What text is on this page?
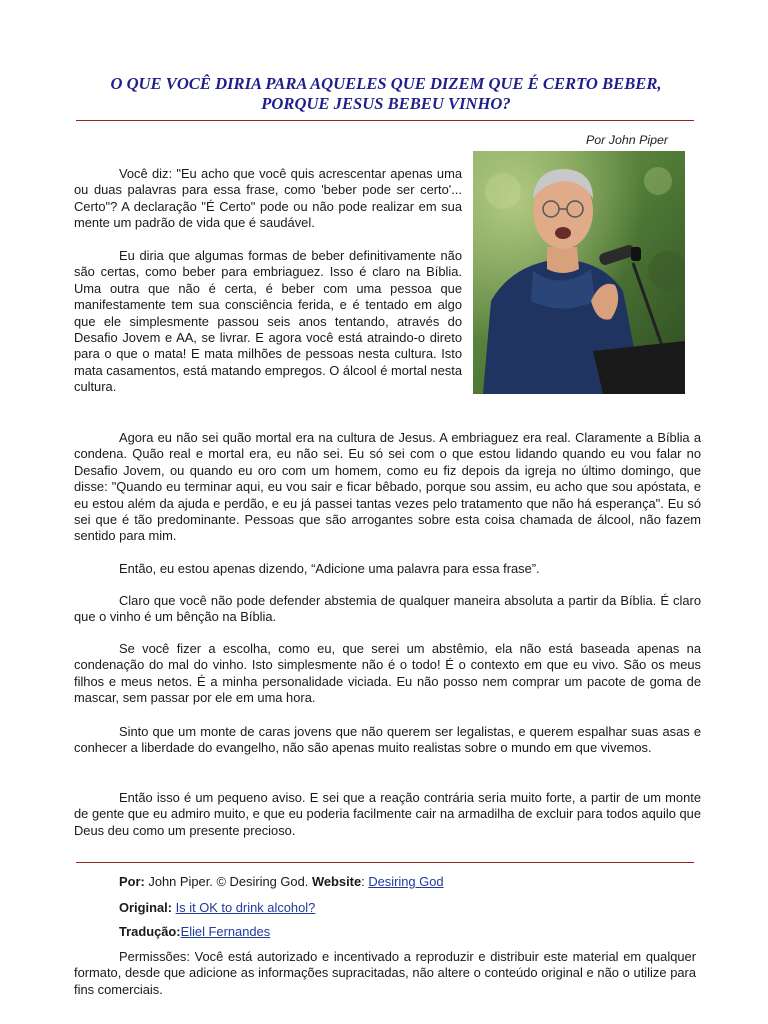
O QUE VOCÊ DIRIA PARA AQUELES QUE DIZEM QUE É CERTO BEBER,
PORQUE JESUS BEBEU VINHO?
Por John Piper

Você diz: "Eu acho que você quis acrescentar apenas uma ou duas palavras para essa frase, como 'beber pode ser certo'... Certo"? A declaração "É Certo" pode ou não pode realizar em sua mente um padrão de vida que é saudável.

Eu diria que algumas formas de beber definitivamente não são certas, como beber para embriaguez. Isso é claro na Bíblia. Uma outra que não é certa, é beber com uma pessoa que manifestamente tem sua consciência ferida, e é tentado em algo que ele simplesmente passou seis anos tentando, através do Desafio Jovem e AA, se livrar. E agora você está atraindo-o direto para o que o mata! E mata milhões de pessoas nesta cultura. Isto mata casamentos, está matando empregos. O álcool é mortal nesta cultura.

Agora eu não sei quão mortal era na cultura de Jesus. A embriaguez era real. Claramente a Bíblia a condena. Quão real e mortal era, eu não sei. Eu só sei com o que estou lidando quando eu vou falar no Desafio Jovem, ou quando eu oro com um homem, como eu fiz depois da igreja no último domingo, que disse: "Quando eu terminar aqui, eu vou sair e ficar bêbado, porque sou assim, eu acho que sou apóstata, e eu estou além da ajuda e perdão, e eu já passei tantas vezes pelo tratamento que não há esperança". Eu só sei que é tão predominante. Pessoas que são arrogantes sobre esta coisa chamada de álcool, não fazem sentido para mim.

Então, eu estou apenas dizendo, “Adicione uma palavra para essa frase”.

Claro que você não pode defender abstemia de qualquer maneira absoluta a partir da Bíblia. É claro que o vinho é um bênção na Bíblia.

Se você fizer a escolha, como eu, que serei um abstêmio, ela não está baseada apenas na condenação do mal do vinho. Isto simplesmente não é o todo! É o contexto em que eu vivo. São os meus filhos e meus netos. É a minha personalidade viciada. Eu não posso nem comprar um pacote de goma de mascar, sem passar por ele em uma hora.

Sinto que um monte de caras jovens que não querem ser legalistas, e querem espalhar suas asas e conhecer a liberdade do evangelho, não são apenas muito realistas sobre o mundo em que vivemos.

Então isso é um pequeno aviso. E sei que a reação contrária seria muito forte, a partir de um monte de gente que eu admiro muito, e que eu poderia facilmente cair na armadilha de excluir para todos aquilo que Deus deu como um presente precioso.

Por: John Piper. © Desiring God. Website: Desiring God

Original: Is it OK to drink alcohol?

Tradução:Eliel Fernandes

Permissões: Você está autorizado e incentivado a reproduzir e distribuir este material em qualquer formato, desde que adicione as informações supracitadas, não altere o conteúdo original e não o utilize para fins comerciais.
